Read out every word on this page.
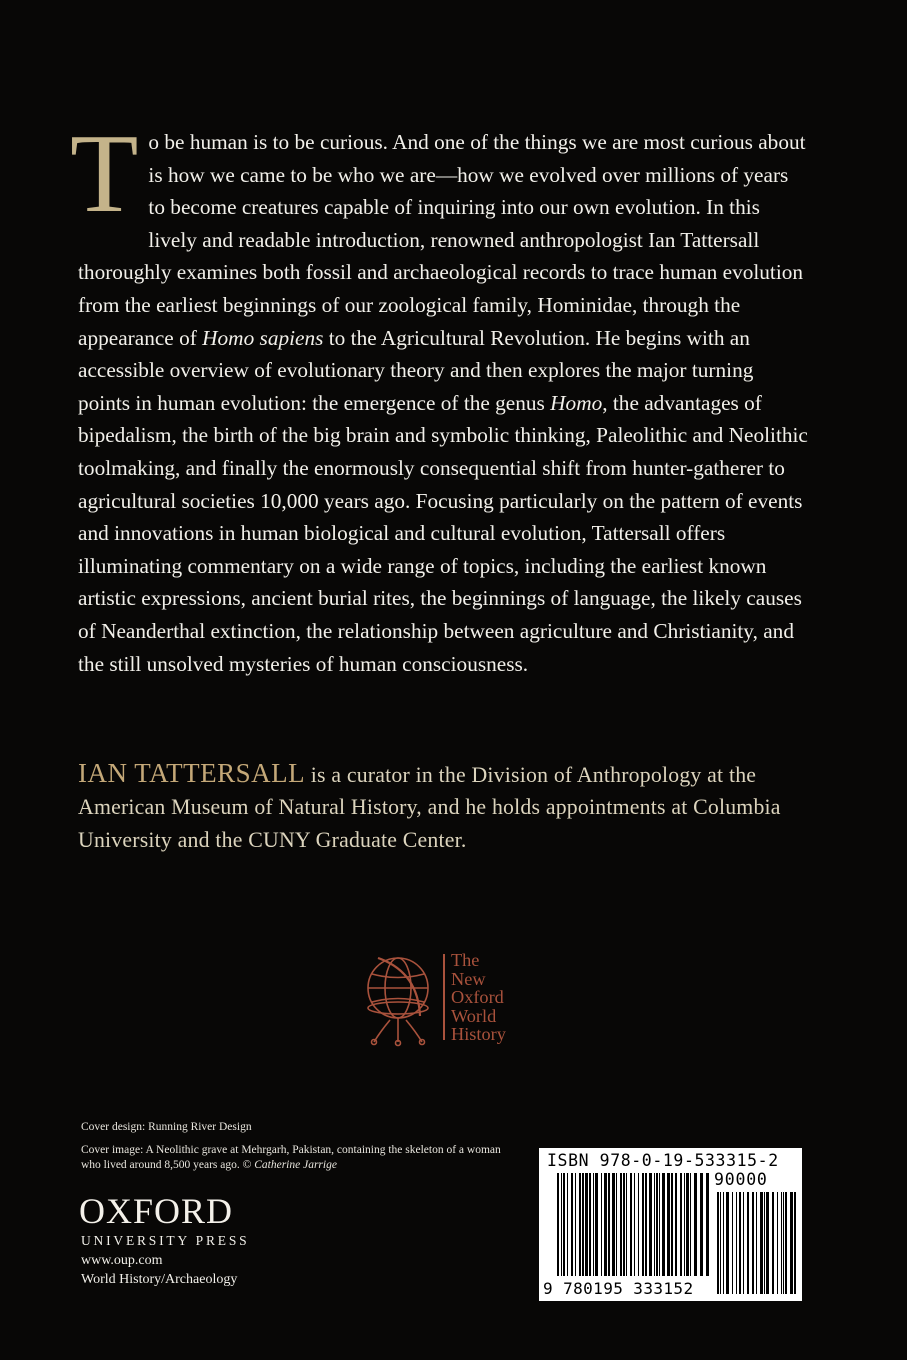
To be human is to be curious. And one of the things we are most curious about is how we came to be who we are—how we evolved over millions of years to become creatures capable of inquiring into our own evolution. In this lively and readable introduction, renowned anthropologist Ian Tattersall thoroughly examines both fossil and archaeological records to trace human evolution from the earliest beginnings of our zoological family, Hominidae, through the appearance of Homo sapiens to the Agricultural Revolution. He begins with an accessible overview of evolutionary theory and then explores the major turning points in human evolution: the emergence of the genus Homo, the advantages of bipedalism, the birth of the big brain and symbolic thinking, Paleolithic and Neolithic toolmaking, and finally the enormously consequential shift from hunter-gatherer to agricultural societies 10,000 years ago. Focusing particularly on the pattern of events and innovations in human biological and cultural evolution, Tattersall offers illuminating commentary on a wide range of topics, including the earliest known artistic expressions, ancient burial rites, the beginnings of language, the likely causes of Neanderthal extinction, the relationship between agriculture and Christianity, and the still unsolved mysteries of human consciousness.
IAN TATTERSALL is a curator in the Division of Anthropology at the American Museum of Natural History, and he holds appointments at Columbia University and the CUNY Graduate Center.
The
New
Oxford
World
History
Cover design: Running River Design
Cover image: A Neolithic grave at Mehrgarh, Pakistan, containing the skeleton of a woman who lived around 8,500 years ago. © Catherine Jarrige
OXFORD
UNIVERSITY PRESS
www.oup.com
World History/Archaeology
ISBN 978-0-19-533315-2
90000
9 780195 333152
